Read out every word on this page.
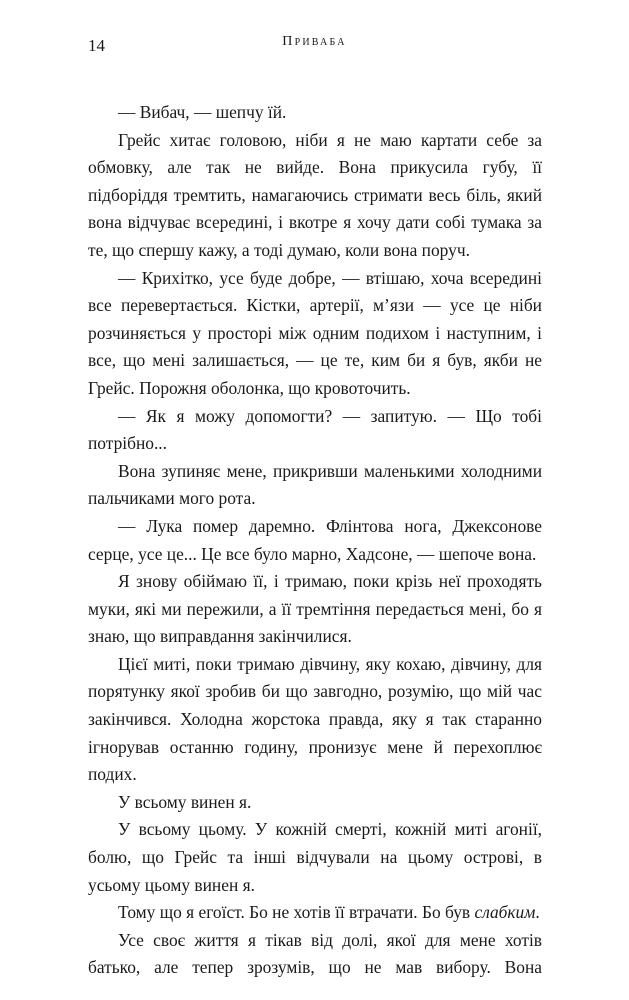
14	Приваба

— Вибач, — шепчу їй.

Грейс хитає головою, ніби я не маю картати себе за обмовку, але так не вийде. Вона прикусила губу, її підборіддя тремтить, намагаючись стримати весь біль, який вона відчуває всередині, і вкотре я хочу дати собі тумака за те, що спершу кажу, а тоді думаю, коли вона поруч.

— Крихітко, усе буде добре, — втішаю, хоча всередині все перевертається. Кістки, артерії, м’язи — усе це ніби розчиняється у просторі між одним подихом і наступним, і все, що мені залишається, — це те, ким би я був, якби не Грейс. Порожня оболонка, що кровоточить.

— Як я можу допомогти? — запитую. — Що тобі потрібно...

Вона зупиняє мене, прикривши маленькими холодними пальчиками мого рота.

— Лука помер даремно. Флінтова нога, Джексонове серце, усе це... Це все було марно, Хадсоне, — шепоче вона.

Я знову обіймаю її, і тримаю, поки крізь неї проходять муки, які ми пережили, а її тремтіння передається мені, бо я знаю, що виправдання закінчилися.

Цієї миті, поки тримаю дівчину, яку кохаю, дівчину, для порятунку якої зробив би що завгодно, розумію, що мій час закінчився. Холодна жорстока правда, яку я так старанно ігнорував останню годину, пронизує мене й перехоплює подих.

У всьому винен я.

У всьому цьому. У кожній смерті, кожній миті агонії, болю, що Грейс та інші відчували на цьому острові, в усьому цьому винен я.

Тому що я егоїст. Бо не хотів її втрачати. Бо був слабким.

Усе своє життя я тікав від долі, якої для мене хотів батько, але тепер зрозумів, що не мав вибору. Вона
